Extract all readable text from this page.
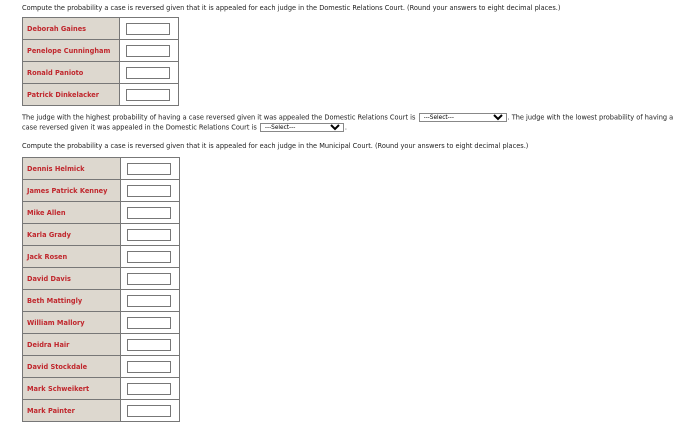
Compute the probability a case is reversed given that it is appealed for each judge in the Domestic Relations Court. (Round your answers to eight decimal places.)
Deborah Gaines	

Penelope Cunningham	

Ronald Panioto	

Patrick Dinkelacker	
The judge with the highest probability of having a case reversed given it was appealed the Domestic Relations Court is
---Select---	. The judge with the lowest probability of having a
case reversed given it was appealed in the Domestic Relations Court is
---Select---	.
Compute the probability a case is reversed given that it is appealed for each judge in the Municipal Court. (Round your answers to eight decimal places.)
Dennis Helmick	

James Patrick Kenney	

Mike Allen	

Karla Grady	

Jack Rosen	

David Davis	

Beth Mattingly	

William Mallory	

Deidra Hair	

David Stockdale	

Mark Schweikert	

Mark Painter	
